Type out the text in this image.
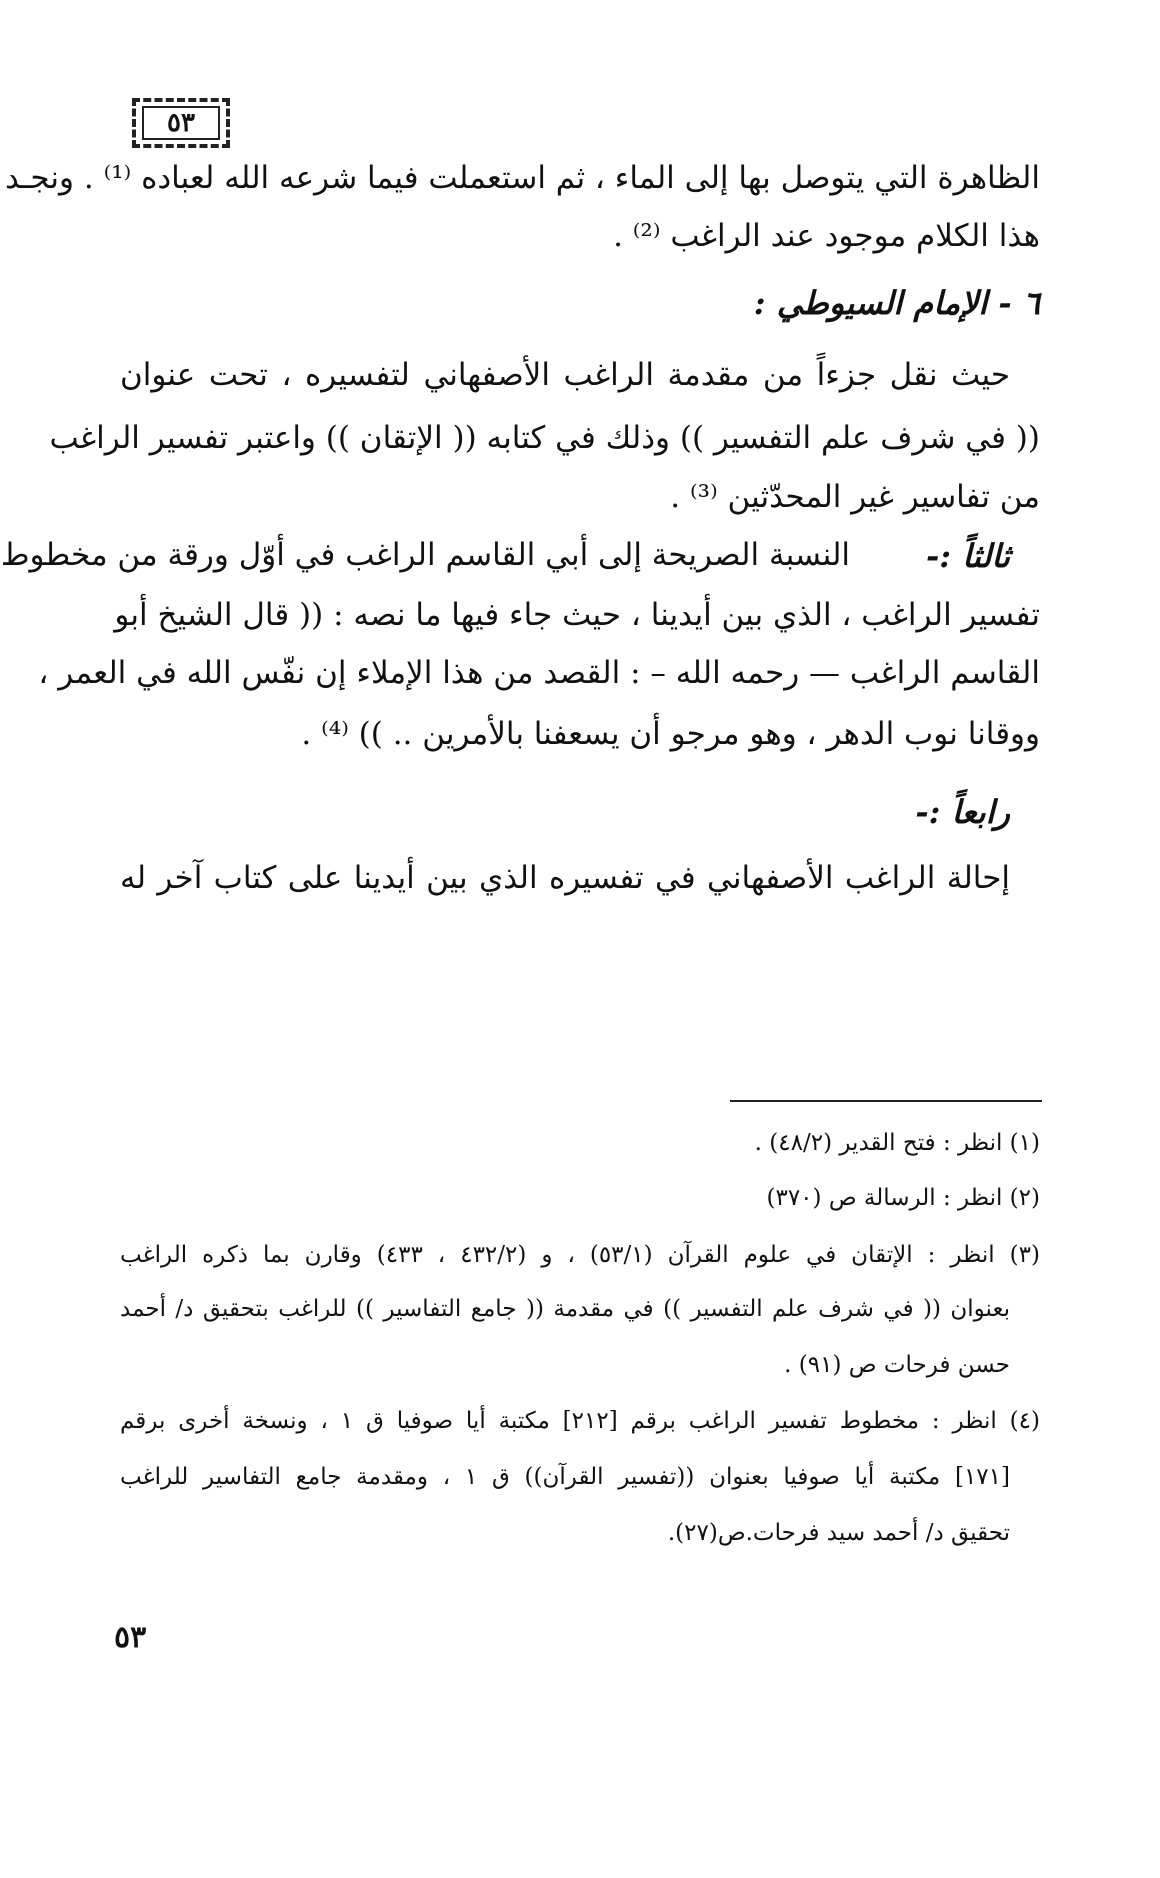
٥٣
الظاهرة التي يتوصل بها إلى الماء ، ثم استعملت فيما شرعه الله لعباده ⁽¹⁾ . ونجـد
هذا الكلام موجود عند الراغب ⁽²⁾ .
٦ - الإمام السيوطي :
حيث نقل جزءاً من مقدمة الراغب الأصفهاني لتفسيره ، تحت عنوان
(( في شرف علم التفسير )) وذلك في كتابه (( الإتقان )) واعتبر تفسير الراغب
من تفاسير غير المحدّثين ⁽³⁾ .
ثالثاً :-
النسبة الصريحة إلى أبي القاسم الراغب في أوّل ورقة من مخطوط
تفسير الراغب ، الذي بين أيدينا ، حيث جاء فيها ما نصه : (( قال الشيخ أبو
القاسم الراغب — رحمه الله – : القصد من هذا الإملاء إن نفّس الله في العمر ،
ووقانا نوب الدهر ، وهو مرجو أن يسعفنا بالأمرين .. )) ⁽⁴⁾ .
رابعاً :-
إحالة الراغب الأصفهاني في تفسيره الذي بين أيدينا على كتاب آخر له
(١) انظر : فتح القدير (٤٨/٢) .
(٢) انظر : الرسالة ص (٣٧٠)
(٣) انظر : الإتقان في علوم القرآن (٥٣/١) ، و (٤٣٢/٢ ، ٤٣٣) وقارن بما ذكره الراغب
بعنوان (( في شرف علم التفسير )) في مقدمة (( جامع التفاسير )) للراغب بتحقيق د/ أحمد
حسن فرحات ص (٩١) .
(٤) انظر : مخطوط تفسير الراغب برقم [٢١٢] مكتبة أيا صوفيا ق ١ ، ونسخة أخرى برقم
[١٧١] مكتبة أيا صوفيا بعنوان ((تفسير القرآن)) ق ١ ، ومقدمة جامع التفاسير للراغب
تحقيق د/ أحمد سيد فرحات.ص(٢٧).
٥٣
